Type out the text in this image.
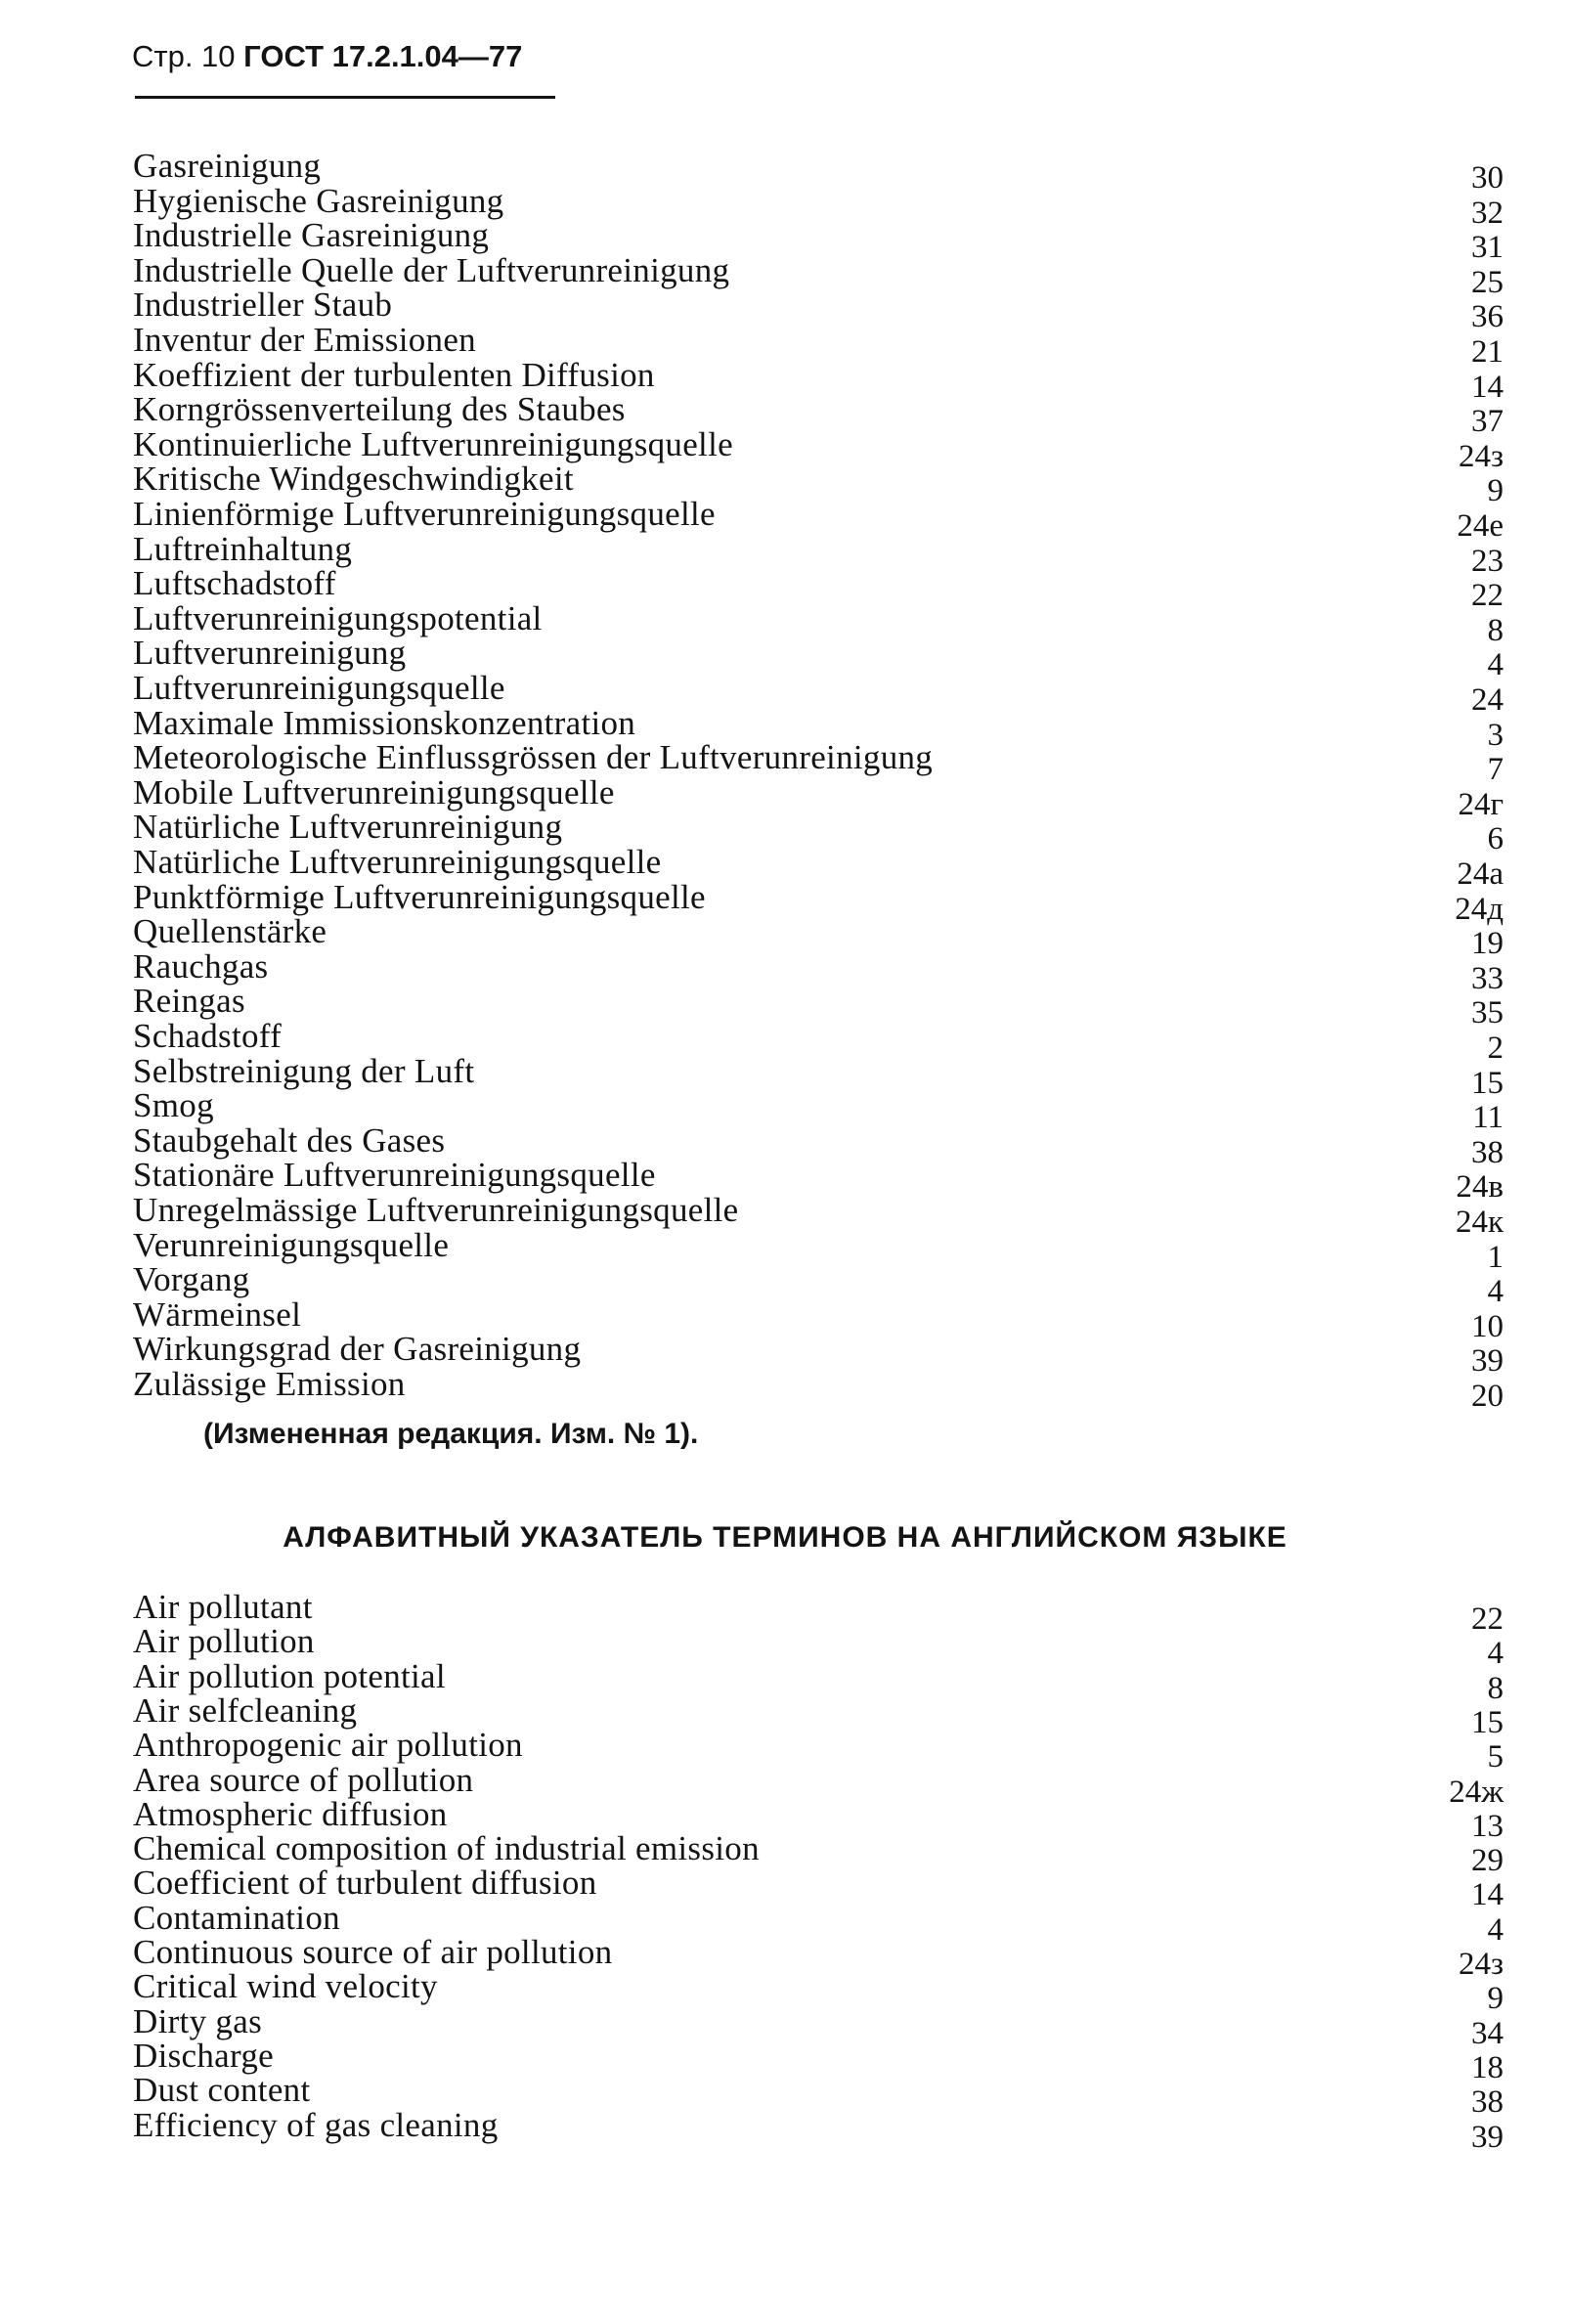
Стр. 10 ГОСТ 17.2.1.04—77
Gasreinigung	30
Hygienische Gasreinigung	32
Industrielle Gasreinigung	31
Industrielle Quelle der Luftverunreinigung	25
Industrieller Staub	36
Inventur der Emissionen	21
Koeffizient der turbulenten Diffusion	14
Korngrössenverteilung des Staubes	37
Kontinuierliche Luftverunreinigungsquelle	24з
Kritische Windgeschwindigkeit	9
Linienförmige Luftverunreinigungsquelle	24е
Luftreinhaltung	23
Luftschadstoff	22
Luftverunreinigungspotential	8
Luftverunreinigung	4
Luftverunreinigungsquelle	24
Maximale Immissionskonzentration	3
Meteorologische Einflussgrössen der Luftverunreinigung	7
Mobile Luftverunreinigungsquelle	24г
Natürliche Luftverunreinigung	6
Natürliche Luftverunreinigungsquelle	24а
Punktförmige Luftverunreinigungsquelle	24д
Quellenstärke	19
Rauchgas	33
Reingas	35
Schadstoff	2
Selbstreinigung der Luft	15
Smog	11
Staubgehalt des Gases	38
Stationäre Luftverunreinigungsquelle	24в
Unregelmässige Luftverunreinigungsquelle	24к
Verunreinigungsquelle	1
Vorgang	4
Wärmeinsel	10
Wirkungsgrad der Gasreinigung	39
Zulässige Emission	20
(Измененная редакция. Изм. № 1).
АЛФАВИТНЫЙ УКАЗАТЕЛЬ ТЕРМИНОВ НА АНГЛИЙСКОМ ЯЗЫКЕ
Air pollutant	22
Air pollution	4
Air pollution potential	8
Air selfcleaning	15
Anthropogenic air pollution	5
Area source of pollution	24ж
Atmospheric diffusion	13
Chemical composition of industrial emission	29
Coefficient of turbulent diffusion	14
Contamination	4
Continuous source of air pollution	24з
Critical wind velocity	9
Dirty gas	34
Discharge	18
Dust content	38
Efficiency of gas cleaning	39
